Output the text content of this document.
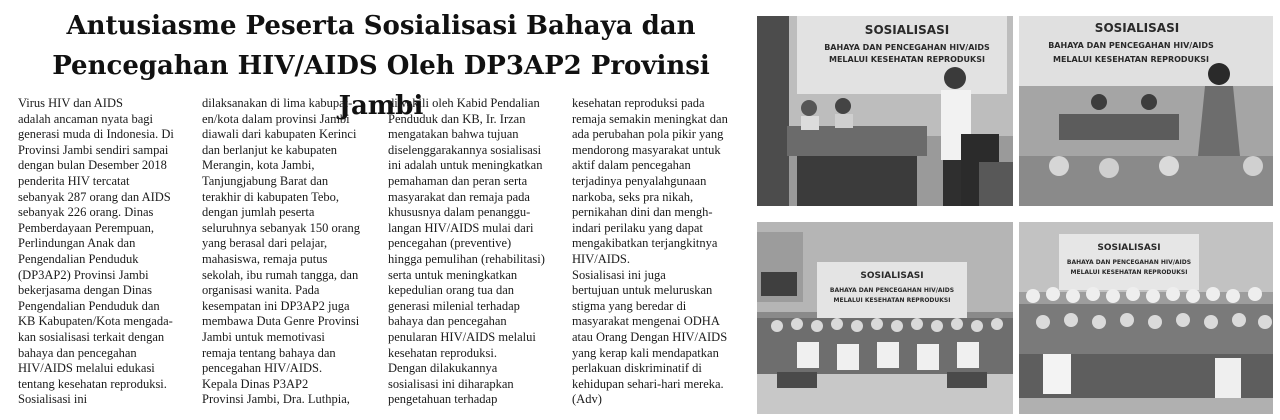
Antusiasme Peserta Sosialisasi Bahaya dan
Pencegahan HIV/AIDS Oleh DP3AP2 Provinsi Jambi

Virus HIV dan AIDS
adalah ancaman nyata bagi
generasi muda di Indonesia. Di
Provinsi Jambi sendiri sampai
dengan bulan Desember 2018
penderita HIV tercatat
sebanyak 287 orang dan AIDS
sebanyak 226 orang. Dinas
Pemberdayaan Perempuan,
Perlindungan Anak dan
Pengendalian Penduduk
(DP3AP2) Provinsi Jambi
bekerjasama dengan Dinas
Pengendalian Penduduk dan
KB Kabupaten/Kota mengada-
kan sosialisasi terkait dengan
bahaya dan pencegahan
HIV/AIDS melalui edukasi
tentang kesehatan reproduksi.
Sosialisasi ini

dilaksanakan di lima kabupat-
en/kota dalam provinsi Jambi
diawali dari kabupaten Kerinci
dan berlanjut ke kabupaten
Merangin, kota Jambi,
Tanjungjabung Barat dan
terakhir di kabupaten Tebo,
dengan jumlah peserta
seluruhnya sebanyak 150 orang
yang berasal dari pelajar,
mahasiswa, remaja putus
sekolah, ibu rumah tangga, dan
organisasi wanita. Pada
kesempatan ini DP3AP2 juga
membawa Duta Genre Provinsi
Jambi untuk memotivasi
remaja tentang bahaya dan
pencegahan HIV/AIDS.
Kepala Dinas P3AP2
Provinsi Jambi, Dra. Luthpia,

diwakili oleh Kabid Pendalian
Penduduk dan KB, Ir. Irzan
mengatakan bahwa tujuan
diselenggarakannya sosialisasi
ini adalah untuk meningkatkan
pemahaman dan peran serta
masyarakat dan remaja pada
khususnya dalam penanggu-
langan HIV/AIDS mulai dari
pencegahan (preventive)
hingga pemulihan (rehabilitasi)
serta untuk meningkatkan
kepedulian orang tua dan
generasi milenial terhadap
bahaya dan pencegahan
penularan HIV/AIDS melalui
kesehatan reproduksi.
Dengan dilakukannya
sosialisasi ini diharapkan
pengetahuan terhadap

kesehatan reproduksi pada
remaja semakin meningkat dan
ada perubahan pola pikir yang
mendorong masyarakat untuk
aktif dalam pencegahan
terjadinya penyalahgunaan
narkoba, seks pra nikah,
pernikahan dini dan mengh-
indari perilaku yang dapat
mengakibatkan terjangkitnya
HIV/AIDS.
Sosialisasi ini juga
bertujuan untuk meluruskan
stigma yang beredar di
masyarakat mengenai ODHA
atau Orang Dengan HIV/AIDS
yang kerap kali mendapatkan
perlakuan diskriminatif di
kehidupan sehari-hari mereka.
(Adv)

SOSIALISASI
BAHAYA DAN PENCEGAHAN HIV/AIDS
MELALUI KESEHATAN REPRODUKSI
SOSIALISASI
BAHAYA DAN PENCEGAHAN HIV/AIDS
MELALUI KESEHATAN REPRODUKSI
SOSIALISASI
BAHAYA DAN PENCEGAHAN HIV/AIDS
MELALUI KESEHATAN REPRODUKSI
SOSIALISASI
BAHAYA DAN PENCEGAHAN HIV/AIDS
MELALUI KESEHATAN REPRODUKSI
